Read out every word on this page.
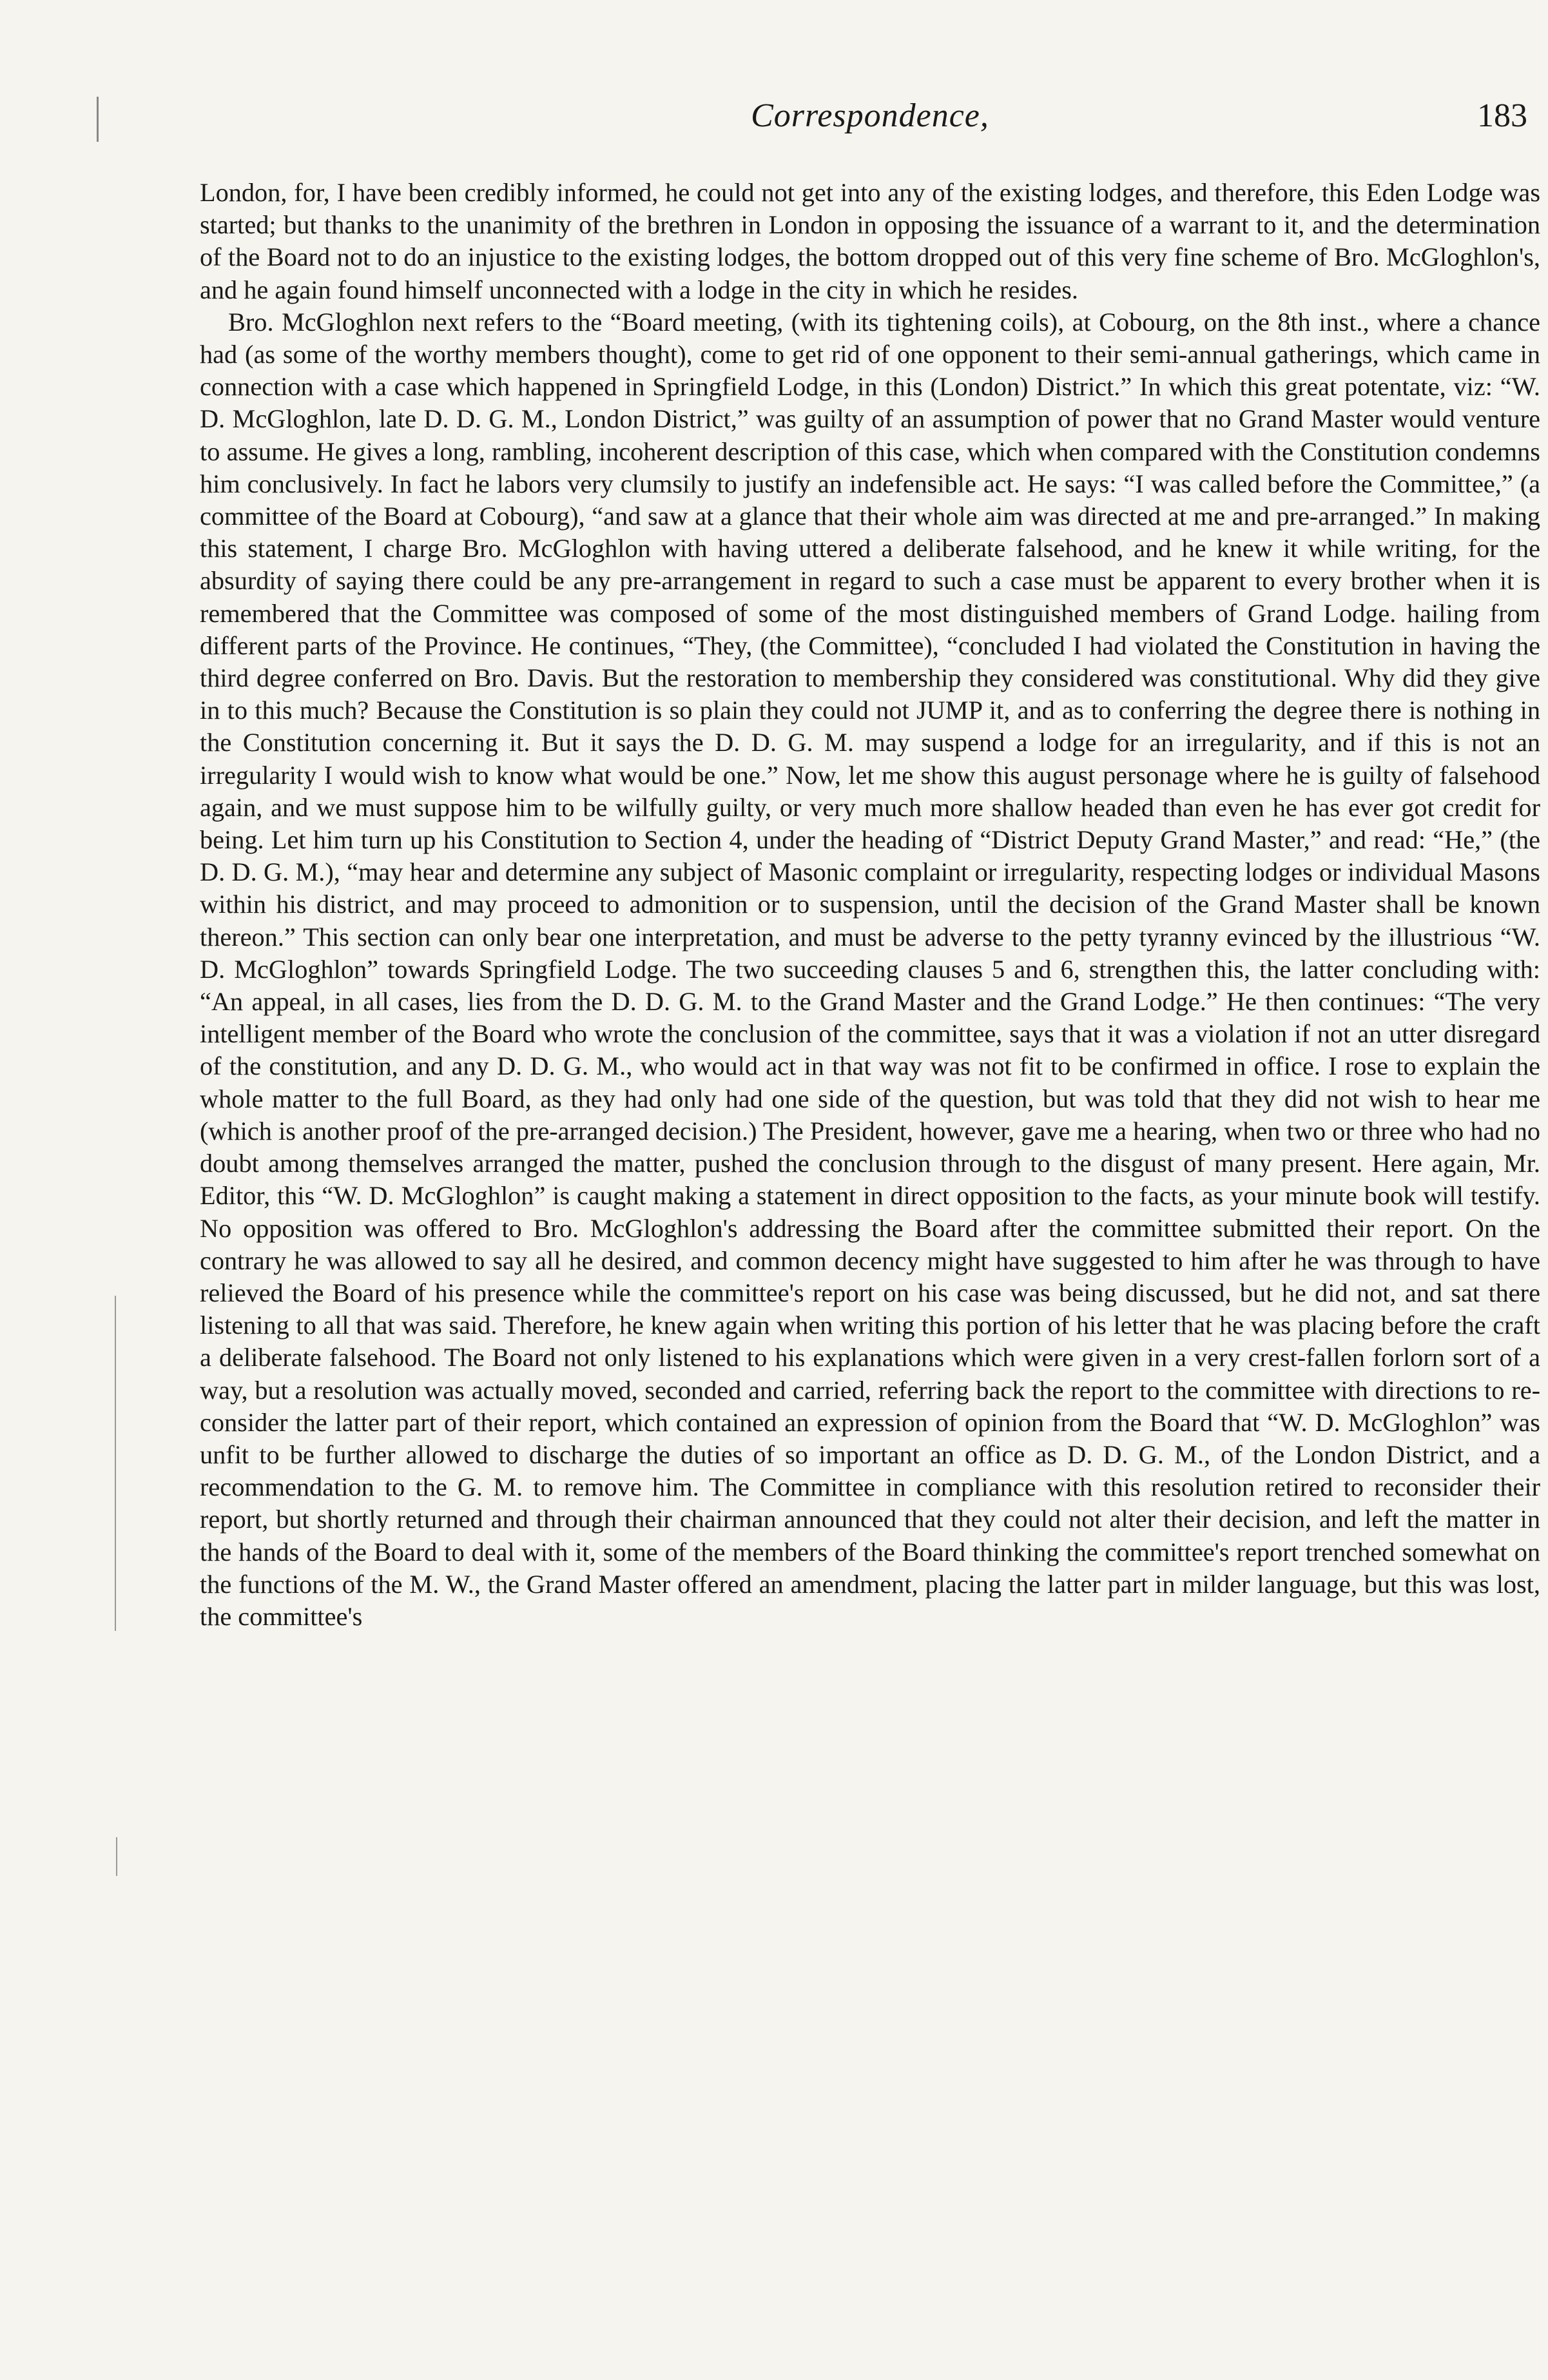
Correspondence,	183

London, for, I have been credibly informed, he could not get into any of the existing lodges, and therefore, this Eden Lodge was started; but thanks to the unanimity of the brethren in London in opposing the issuance of a warrant to it, and the determination of the Board not to do an injustice to the existing lodges, the bottom dropped out of this very fine scheme of Bro. McGloghlon's, and he again found himself unconnected with a lodge in the city in which he resides.

Bro. McGloghlon next refers to the “Board meeting, (with its tightening coils), at Cobourg, on the 8th inst., where a chance had (as some of the worthy members thought), come to get rid of one opponent to their semi-annual gatherings, which came in connection with a case which happened in Springfield Lodge, in this (London) District.” In which this great potentate, viz: “W. D. McGloghlon, late D. D. G. M., London District,” was guilty of an assumption of power that no Grand Master would venture to assume. He gives a long, rambling, incoherent description of this case, which when compared with the Constitution condemns him conclusively. In fact he labors very clumsily to justify an indefensible act. He says: “I was called before the Committee,” (a committee of the Board at Cobourg), “and saw at a glance that their whole aim was directed at me and pre-arranged.” In making this statement, I charge Bro. McGloghlon with having uttered a deliberate falsehood, and he knew it while writing, for the absurdity of saying there could be any pre-arrangement in regard to such a case must be apparent to every brother when it is remembered that the Committee was composed of some of the most distinguished members of Grand Lodge. hailing from different parts of the Province. He continues, “They, (the Committee), “concluded I had violated the Constitution in having the third degree conferred on Bro. Davis. But the restoration to membership they considered was constitutional. Why did they give in to this much? Because the Constitution is so plain they could not JUMP it, and as to conferring the degree there is nothing in the Constitution concerning it. But it says the D. D. G. M. may suspend a lodge for an irregularity, and if this is not an irregularity I would wish to know what would be one.” Now, let me show this august personage where he is guilty of falsehood again, and we must suppose him to be wilfully guilty, or very much more shallow headed than even he has ever got credit for being. Let him turn up his Constitution to Section 4, under the heading of “District Deputy Grand Master,” and read: “He,” (the D. D. G. M.), “may hear and determine any subject of Masonic complaint or irregularity, respecting lodges or individual Masons within his district, and may proceed to admonition or to suspension, until the decision of the Grand Master shall be known thereon.” This section can only bear one interpretation, and must be adverse to the petty tyranny evinced by the illustrious “W. D. McGloghlon” towards Springfield Lodge. The two succeeding clauses 5 and 6, strengthen this, the latter concluding with: “An appeal, in all cases, lies from the D. D. G. M. to the Grand Master and the Grand Lodge.” He then continues: “The very intelligent member of the Board who wrote the conclusion of the committee, says that it was a violation if not an utter disregard of the constitution, and any D. D. G. M., who would act in that way was not fit to be confirmed in office. I rose to explain the whole matter to the full Board, as they had only had one side of the question, but was told that they did not wish to hear me (which is another proof of the pre-arranged decision.) The President, however, gave me a hearing, when two or three who had no doubt among themselves arranged the matter, pushed the conclusion through to the disgust of many present. Here again, Mr. Editor, this “W. D. McGloghlon” is caught making a statement in direct opposition to the facts, as your minute book will testify. No opposition was offered to Bro. McGloghlon's addressing the Board after the committee submitted their report. On the contrary he was allowed to say all he desired, and common decency might have suggested to him after he was through to have relieved the Board of his presence while the committee's report on his case was being discussed, but he did not, and sat there listening to all that was said. Therefore, he knew again when writing this portion of his letter that he was placing before the craft a deliberate falsehood. The Board not only listened to his explanations which were given in a very crest-fallen forlorn sort of a way, but a resolution was actually moved, seconded and carried, referring back the report to the committee with directions to re-consider the latter part of their report, which contained an expression of opinion from the Board that “W. D. McGloghlon” was unfit to be further allowed to discharge the duties of so important an office as D. D. G. M., of the London District, and a recommendation to the G. M. to remove him. The Committee in compliance with this resolution retired to reconsider their report, but shortly returned and through their chairman announced that they could not alter their decision, and left the matter in the hands of the Board to deal with it, some of the members of the Board thinking the committee's report trenched somewhat on the functions of the M. W., the Grand Master offered an amendment, placing the latter part in milder language, but this was lost, the committee's
